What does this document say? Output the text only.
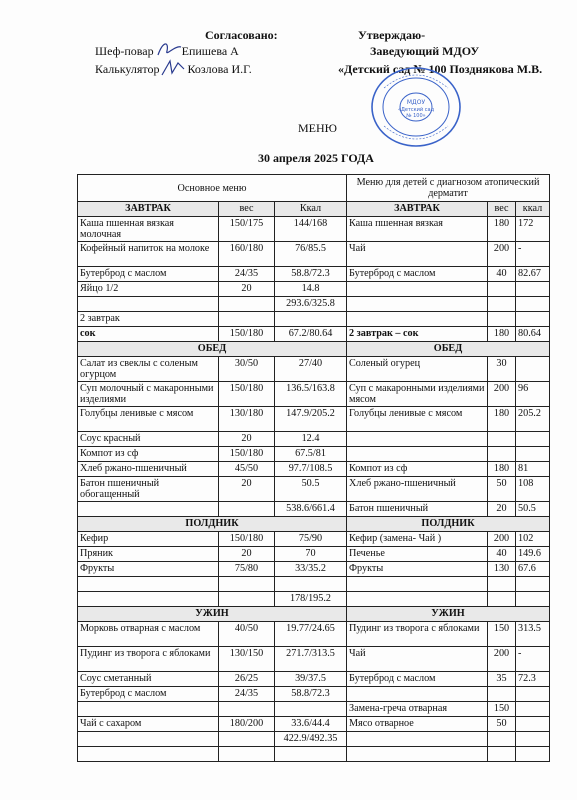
Согласовано:
Шеф-повар Епишева А
Калькулятор Козлова И.Г.
Утверждаю-
Заведующий МДОУ
«Детский сад № 100 Позднякова М.В.
МДОУ
«Детский сад
№ 100»
МЕНЮ
30 апреля 2025 ГОДА
Основное меню			Меню для детей с диагнозом атопический дерматит		
ЗАВТРАК	вес	Ккал	ЗАВТРАК	вес	ккал
Каша пшенная вязкая молочная	150/175	144/168	Каша пшенная вязкая	180	172
Кофейный напиток на молоке	160/180	76/85.5	Чай	200	-
Бутерброд с маслом	24/35	58.8/72.3	Бутерброд с маслом	40	82.67
Яйцо 1/2	20	14.8			
		293.6/325.8			
2 завтрак					
сок	150/180	67.2/80.64	2 завтрак – сок	180	80.64
ОБЕД			ОБЕД		
Салат из свеклы с соленым огурцом	30/50	27/40	Соленый огурец	30	
Суп молочный с макаронными изделиями	150/180	136.5/163.8	Суп с макаронными изделиями мясом	200	96
Голубцы ленивые с мясом	130/180	147.9/205.2	Голубцы ленивые с мясом	180	205.2
Соус красный	20	12.4			
Компот из сф	150/180	67.5/81			
Хлеб ржано-пшеничный	45/50	97.7/108.5	Компот из сф	180	81
Батон пшеничный обогащенный	20	50.5	Хлеб ржано-пшеничный	50	108
		538.6/661.4	Батон пшеничный	20	50.5
ПОЛДНИК			ПОЛДНИК		
Кефир	150/180	75/90	Кефир (замена- Чай )	200	102
Пряник	20	70	Печенье	40	149.6
Фрукты	75/80	33/35.2	Фрукты	130	67.6

		178/195.2			
УЖИН			УЖИН		
Морковь отварная с маслом	40/50	19.77/24.65	Пудинг из творога с яблоками	150	313.5
Пудинг из творога с яблоками	130/150	271.7/313.5	Чай	200	-
Соус сметанный	26/25	39/37.5	Бутерброд с маслом	35	72.3
Бутерброд с маслом	24/35	58.8/72.3			
			Замена-греча отварная	150	
Чай с сахаром	180/200	33.6/44.4	Мясо отварное	50	
		422.9/492.35			
